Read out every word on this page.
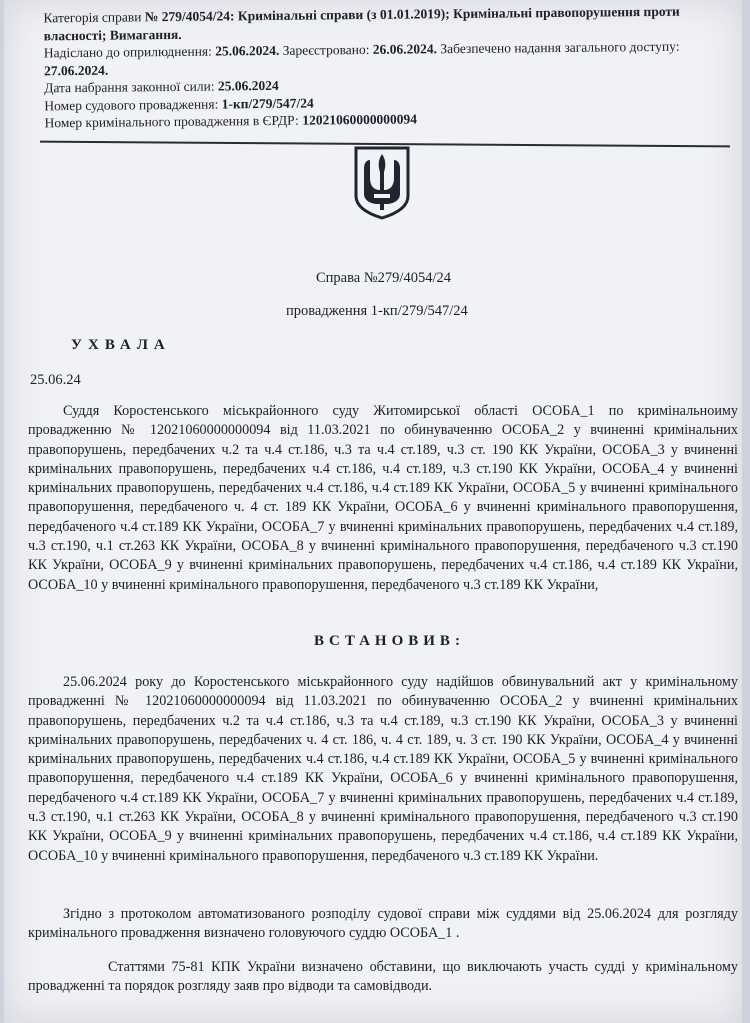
Категорія справи № 279/4054/24: Кримінальні справи (з 01.01.2019); Кримінальні правопорушення проти власності; Вимагання.
Надіслано до оприлюднення: 25.06.2024. Зареєстровано: 26.06.2024. Забезпечено надання загального доступу: 27.06.2024.
Дата набрання законної сили: 25.06.2024
Номер судового провадження: 1-кп/279/547/24
Номер кримінального провадження в ЄРДР: 12021060000000094
Справа №279/4054/24
провадження 1-кп/279/547/24
УХВАЛА
25.06.24

Суддя Коростенського міськрайонного суду Житомирської області ОСОБА_1 по кримінальноиму провадженню № 12021060000000094 від 11.03.2021 по обинуваченню ОСОБА_2 у вчиненні кримінальних правопорушень, передбачених ч.2 та ч.4 ст.186, ч.3 та ч.4 ст.189, ч.3 ст. 190 КК України, ОСОБА_3 у вчиненні кримінальних правопорушень, передбачених ч.4 ст.186, ч.4 ст.189, ч.3 ст.190 КК України, ОСОБА_4 у вчиненні кримінальних правопорушень, передбачених ч.4 ст.186, ч.4 ст.189 КК України, ОСОБА_5 у вчиненні кримінального правопорушення, передбаченого ч. 4 ст. 189 КК України, ОСОБА_6 у вчиненні кримінального правопорушення, передбаченого ч.4 ст.189 КК України, ОСОБА_7 у вчиненні кримінальних правопорушень, передбачених ч.4 ст.189, ч.3 ст.190, ч.1 ст.263 КК України, ОСОБА_8 у вчиненні кримінального правопорушення, передбаченого ч.3 ст.190 КК України, ОСОБА_9 у вчиненні кримінальних правопорушень, передбачених ч.4 ст.186, ч.4 ст.189 КК України, ОСОБА_10 у вчиненні кримінального правопорушення, передбаченого ч.3 ст.189 КК України,

ВСТАНОВИВ:

25.06.2024 року до Коростенського міськрайонного суду надійшов обвинувальний акт у кримінальному провадженні № 12021060000000094 від 11.03.2021 по обинуваченню ОСОБА_2 у вчиненні кримінальних правопорушень, передбачених ч.2 та ч.4 ст.186, ч.3 та ч.4 ст.189, ч.3 ст.190 КК України, ОСОБА_3 у вчиненні кримінальних правопорушень, передбачених ч. 4 ст. 186, ч. 4 ст. 189, ч. 3 ст. 190 КК України, ОСОБА_4 у вчиненні кримінальних правопорушень, передбачених ч.4 ст.186, ч.4 ст.189 КК України, ОСОБА_5 у вчиненні кримінального правопорушення, передбаченого ч.4 ст.189 КК України, ОСОБА_6 у вчиненні кримінального правопорушення, передбаченого ч.4 ст.189 КК України, ОСОБА_7 у вчиненні кримінальних правопорушень, передбачених ч.4 ст.189, ч.3 ст.190, ч.1 ст.263 КК України, ОСОБА_8 у вчиненні кримінального правопорушення, передбаченого ч.3 ст.190 КК України, ОСОБА_9 у вчиненні кримінальних правопорушень, передбачених ч.4 ст.186, ч.4 ст.189 КК України, ОСОБА_10 у вчиненні кримінального правопорушення, передбаченого ч.3 ст.189 КК України.

Згідно з протоколом автоматизованого розподілу судової справи між суддями від 25.06.2024 для розгляду кримінального провадження визначено головуючого суддю ОСОБА_1 .

Статтями 75-81 КПК України визначено обставини, що виключають участь судді у кримінальному провадженні та порядок розгляду заяв про відводи та самовідводи.
